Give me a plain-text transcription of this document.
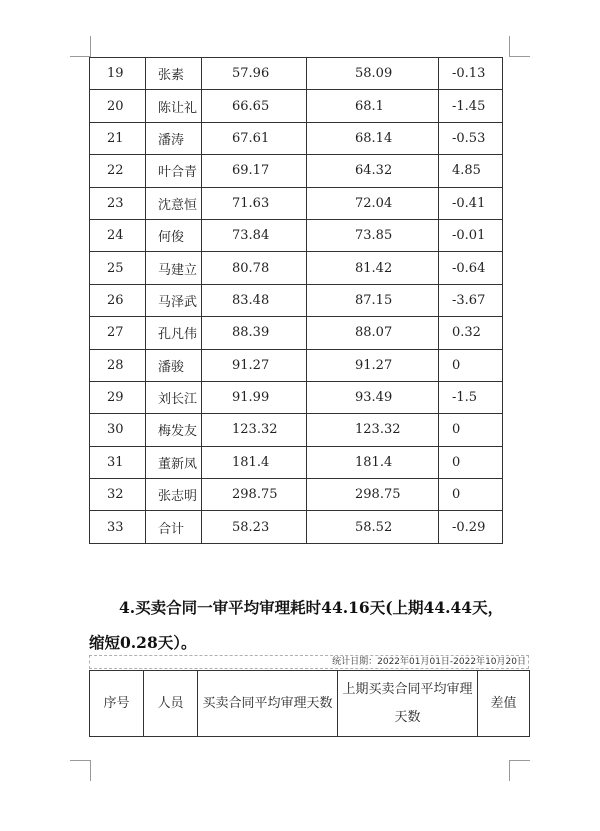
19	张素	57.96	58.09	-0.13
20	陈让礼	66.65	68.1	-1.45
21	潘涛	67.61	68.14	-0.53
22	叶合青	69.17	64.32	4.85
23	沈意恒	71.63	72.04	-0.41
24	何俊	73.84	73.85	-0.01
25	马建立	80.78	81.42	-0.64
26	马泽武	83.48	87.15	-3.67
27	孔凡伟	88.39	88.07	0.32
28	潘骏	91.27	91.27	0
29	刘长江	91.99	93.49	-1.5
30	梅发友	123.32	123.32	0
31	董新凤	181.4	181.4	0
32	张志明	298.75	298.75	0
33	合计	58.23	58.52	-0.29

4.买卖合同一审平均审理耗时44.16天(上期44.44天，
缩短0.28天）。

统计日期：2022年01月01日-2022年10月20日
序号	人员	买卖合同平均审理天数	上期买卖合同平均审理天数	差值
